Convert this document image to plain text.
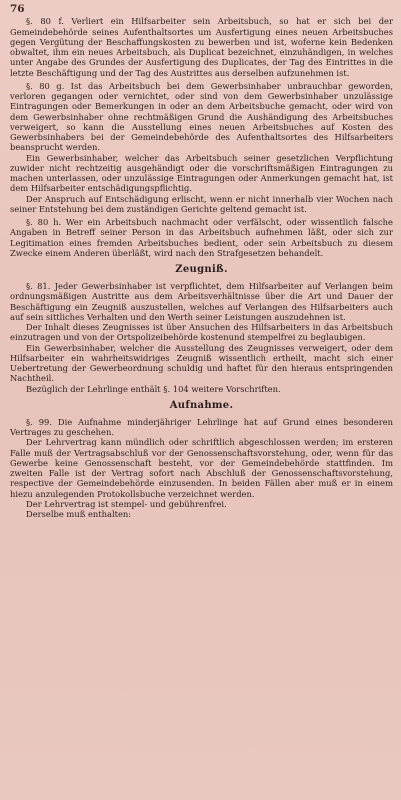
76

§. 80 f. Verliert ein Hilfsarbeiter sein Arbeitsbuch, so hat er sich bei der Gemeindebehörde seines Aufenthaltsortes um Ausfertigung eines neuen Arbeitsbuches gegen Vergütung der Beschaffungskosten zu bewerben und ist, woferne kein Bedenken obwaltet, ihm ein neues Arbeitsbuch, als Duplicat bezeichnet, einzuhändigen, in welches unter Angabe des Grundes der Ausfertigung des Duplicates, der Tag des Eintrittes in die letzte Beschäftigung und der Tag des Austrittes aus derselben aufzunehmen ist.

§. 80 g. Ist das Arbeitsbuch bei dem Gewerbsinhaber unbrauchbar geworden, verloren gegangen oder vernichtet, oder sind von dem Gewerbsinhaber unzulässige Eintragungen oder Bemerkungen in oder an dem Arbeitsbuche gemacht, oder wird von dem Gewerbsinhaber ohne rechtmäßigen Grund die Aushändigung des Arbeitsbuches verweigert, so kann die Ausstellung eines neuen Arbeitsbuches auf Kosten des Gewerbsinhabers bei der Gemeindebehörde des Aufenthaltsortes des Hilfsarbeiters beansprucht werden.

Ein Gewerbsinhaber, welcher das Arbeitsbuch seiner gesetzlichen Verpflichtung zuwider nicht rechtzeitig ausgehändigt oder die vorschriftsmäßigen Eintragungen zu machen unterlassen, oder unzulässige Eintragungen oder Anmerkungen gemacht hat, ist dem Hilfsarbeiter entschädigungspflichtig.

Der Anspruch auf Entschädigung erlischt, wenn er nicht innerhalb vier Wochen nach seiner Entstehung bei dem zuständigen Gerichte geltend gemacht ist.

§. 80 h. Wer ein Arbeitsbuch nachmacht oder verfälscht, oder wissentlich falsche Angaben in Betreff seiner Person in das Arbeitsbuch aufnehmen läßt, oder sich zur Legitimation eines fremden Arbeitsbuches bedient, oder sein Arbeitsbuch zu diesem Zwecke einem Anderen überläßt, wird nach den Strafgesetzen behandelt.

Zeugniß.

§. 81. Jeder Gewerbsinhaber ist verpflichtet, dem Hilfsarbeiter auf Verlangen beim ordnungsmäßigen Austritte aus dem Arbeitsverhältnisse über die Art und Dauer der Beschäftigung ein Zeugniß auszustellen, welches auf Verlangen des Hilfsarbeiters auch auf sein sittliches Verhalten und den Werth seiner Leistungen auszudehnen ist.

Der Inhalt dieses Zeugnisses ist über Ansuchen des Hilfsarbeiters in das Arbeitsbuch einzutragen und von der Ortspolizeibehörde kostenund stempelfrei zu beglaubigen.

Ein Gewerbsinhaber, welcher die Ausstellung des Zeugnisses verweigert, oder dem Hilfsarbeiter ein wahrheitswidriges Zeugniß wissentlich ertheilt, macht sich einer Uebertretung der Gewerbeordnung schuldig und haftet für den hieraus entspringenden Nachtheil.

Bezüglich der Lehrlinge enthält §. 104 weitere Vorschriften.

Aufnahme.

§. 99. Die Aufnahme minderjähriger Lehrlinge hat auf Grund eines besonderen Vertrages zu geschehen.

Der Lehrvertrag kann mündlich oder schriftlich abgeschlossen werden; im ersteren Falle muß der Vertragsabschluß vor der Genossenschaftsvorstehung, oder, wenn für das Gewerbe keine Genossenschaft besteht, vor der Gemeindebehörde stattfinden. Im zweiten Falle ist der Vertrag sofort nach Abschluß der Genossenschaftsvorstehung, respective der Gemeindebehörde einzusenden. In beiden Fällen aber muß er in einem hiezu anzulegenden Protokollsbuche verzeichnet werden.

Der Lehrvertrag ist stempel- und gebührenfrei.

Derselbe muß enthalten:
